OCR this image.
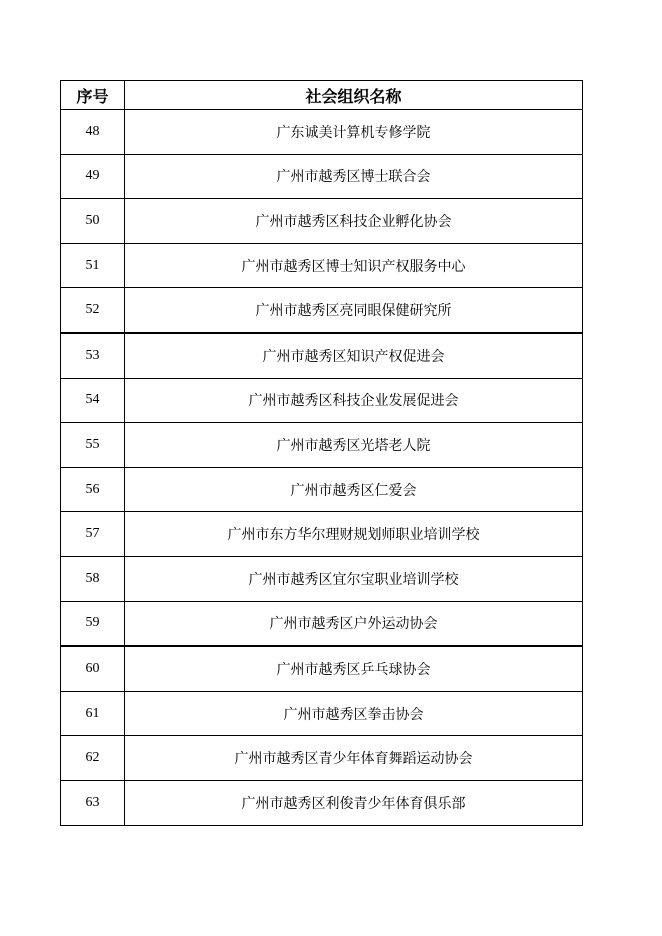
序号	社会组织名称
48	广东诚美计算机专修学院
49	广州市越秀区博士联合会
50	广州市越秀区科技企业孵化协会
51	广州市越秀区博士知识产权服务中心
52	广州市越秀区亮同眼保健研究所
53	广州市越秀区知识产权促进会
54	广州市越秀区科技企业发展促进会
55	广州市越秀区光塔老人院
56	广州市越秀区仁爱会
57	广州市东方华尔理财规划师职业培训学校
58	广州市越秀区宜尔宝职业培训学校
59	广州市越秀区户外运动协会
60	广州市越秀区乒乓球协会
61	广州市越秀区拳击协会
62	广州市越秀区青少年体育舞蹈运动协会
63	广州市越秀区利俊青少年体育俱乐部
